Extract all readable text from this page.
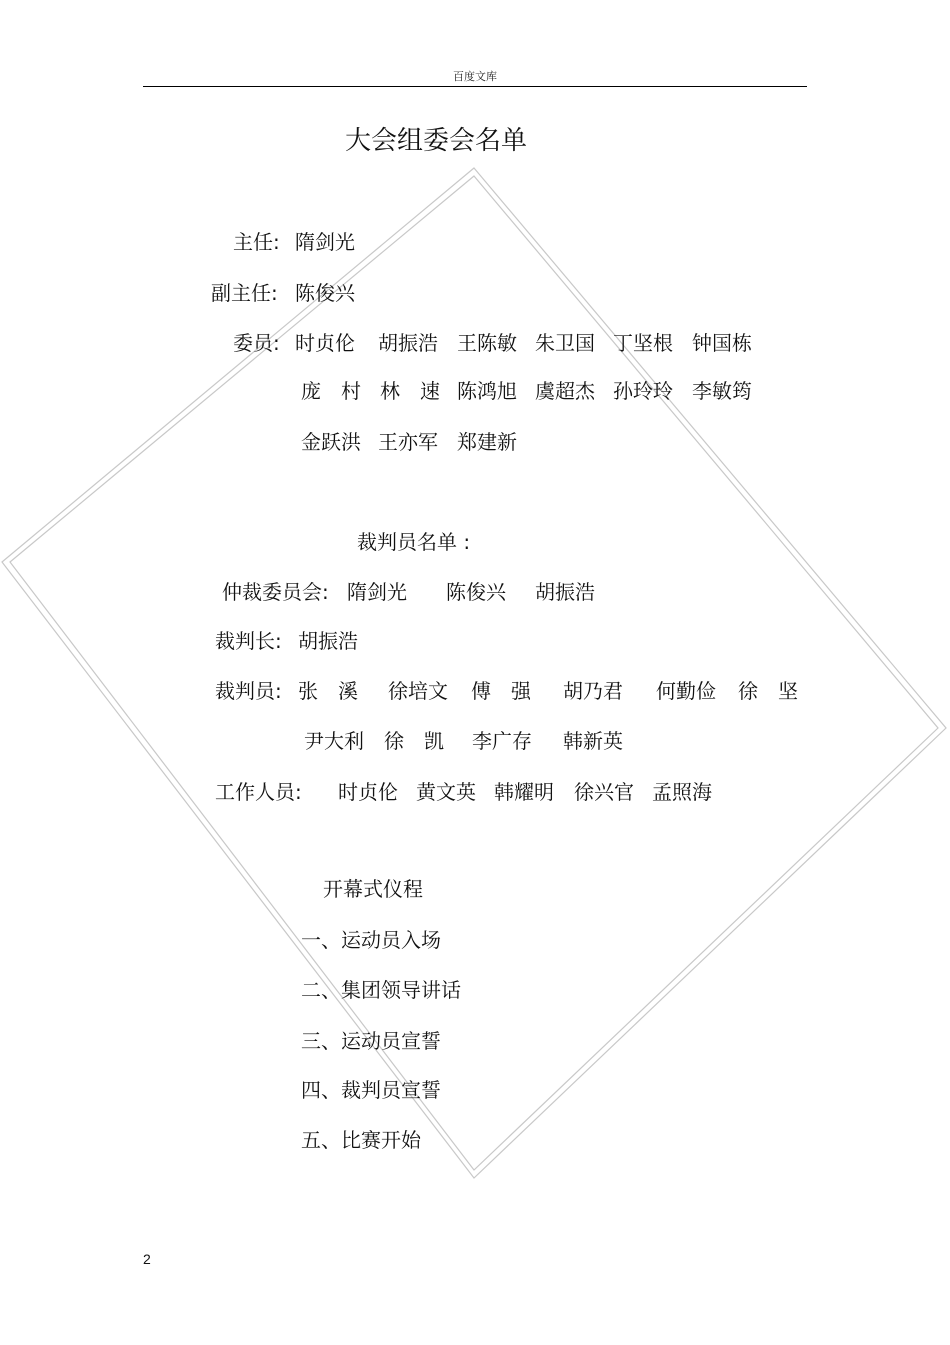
百度文库
大会组委会名单
主任: 隋剑光
副主任: 陈俊兴
委员: 时贞伦 胡振浩 王陈敏 朱卫国 丁坚根 钟国栋
庞　村 林　速 陈鸿旭 虞超杰 孙玲玲 李敏筠
金跃洪 王亦军 郑建新
裁判员名单 :
仲裁委员会: 隋剑光 陈俊兴 胡振浩
裁判长: 胡振浩
裁判员: 张　溪 徐培文 傅　强 胡乃君 何勤俭 徐　坚
尹大利 徐　凯 李广存 韩新英
工作人员: 时贞伦 黄文英 韩耀明 徐兴官 孟照海
开幕式仪程
一、运动员入场
二、集团领导讲话
三、运动员宣誓
四、裁判员宣誓
五、比赛开始
2
